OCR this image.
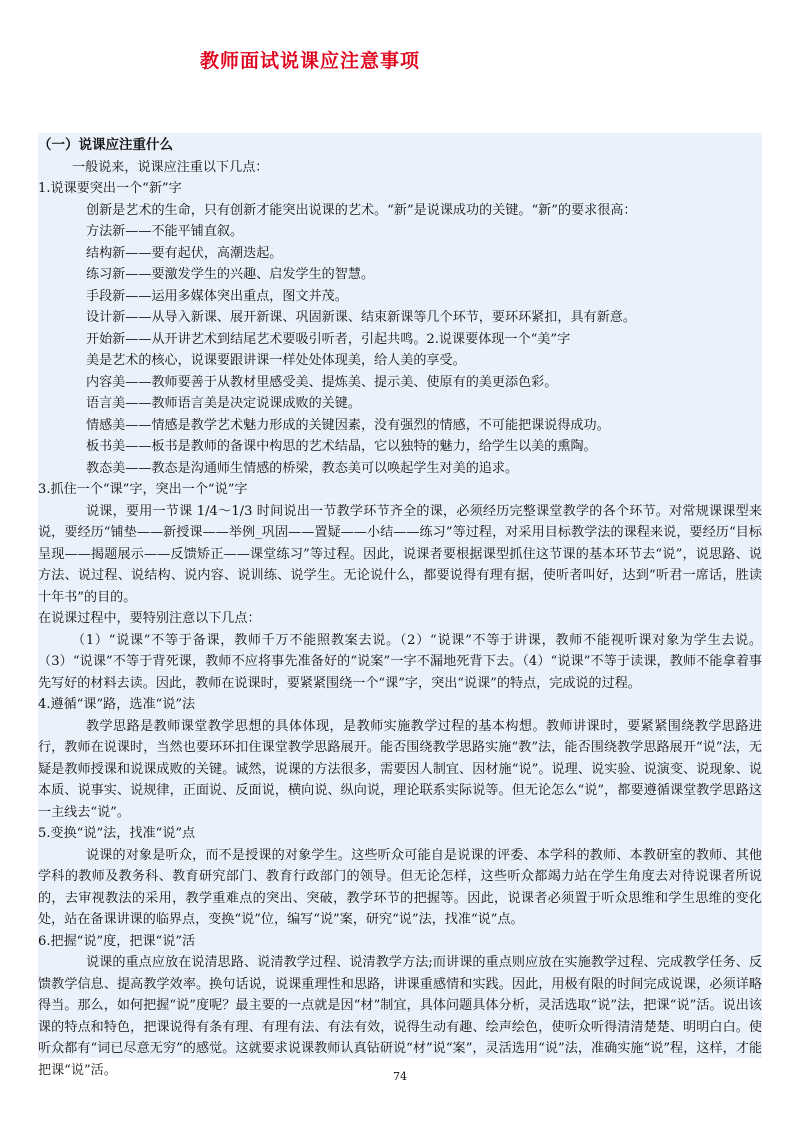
教师面试说课应注意事项

（一）说课应注重什么

一般说来，说课应注重以下几点：

1.说课要突出一个“新”字

创新是艺术的生命，只有创新才能突出说课的艺术。“新”是说课成功的关键。“新”的要求很高：

方法新——不能平铺直叙。

结构新——要有起伏，高潮迭起。

练习新——要激发学生的兴趣、启发学生的智慧。

手段新——运用多媒体突出重点，图文并茂。

设计新——从导入新课、展开新课、巩固新课、结束新课等几个环节，要环环紧扣，具有新意。

开始新——从开讲艺术到结尾艺术要吸引听者，引起共鸣。2.说课要体现一个“美”字

美是艺术的核心，说课要跟讲课一样处处体现美，给人美的享受。

内容美——教师要善于从教材里感受美、提炼美、提示美、使原有的美更添色彩。

语言美——教师语言美是决定说课成败的关键。

情感美——情感是教学艺术魅力形成的关键因素，没有强烈的情感，不可能把课说得成功。

板书美——板书是教师的备课中构思的艺术结晶，它以独特的魅力，给学生以美的熏陶。

教态美——教态是沟通师生情感的桥梁，教态美可以唤起学生对美的追求。

3.抓住一个“课”字，突出一个“说”字

说课，要用一节课 1/4～1/3 时间说出一节教学环节齐全的课，必须经历完整课堂教学的各个环节。对常规课课型来说，要经历“铺垫——新授课——举例_巩固——置疑——小结——练习”等过程，对采用目标教学法的课程来说，要经历“目标呈现——揭题展示——反馈矫正——课堂练习”等过程。因此，说课者要根据课型抓住这节课的基本环节去“说”，说思路、说方法、说过程、说结构、说内容、说训练、说学生。无论说什么，都要说得有理有据，使听者叫好，达到“听君一席话，胜读十年书”的目的。

在说课过程中，要特别注意以下几点：

（1）“说课”不等于备课，教师千万不能照教案去说。（2）“说课”不等于讲课，教师不能视听课对象为学生去说。（3）“说课”不等于背死课，教师不应将事先准备好的“说案”一字不漏地死背下去。（4）“说课”不等于读课，教师不能拿着事先写好的材料去读。因此，教师在说课时，要紧紧围绕一个“课”字，突出“说课”的特点，完成说的过程。

4.遵循“课”路，选准“说”法

教学思路是教师课堂教学思想的具体体现，是教师实施教学过程的基本构想。教师讲课时，要紧紧围绕教学思路进行，教师在说课时，当然也要环环扣住课堂教学思路展开。能否围绕教学思路实施“教”法，能否围绕教学思路展开“说”法，无疑是教师授课和说课成败的关键。诚然，说课的方法很多，需要因人制宜、因材施“说”。说理、说实验、说演变、说现象、说本质、说事实、说规律，正面说、反面说，横向说、纵向说，理论联系实际说等。但无论怎么“说”，都要遵循课堂教学思路这一主线去“说”。

5.变换“说”法，找准“说”点

说课的对象是听众，而不是授课的对象学生。这些听众可能自是说课的评委、本学科的教师、本教研室的教师、其他学科的教师及教务科、教育研究部门、教育行政部门的领导。但无论怎样，这些听众都竭力站在学生角度去对待说课者所说的，去审视教法的采用，教学重难点的突出、突破，教学环节的把握等。因此，说课者必须置于听众思维和学生思维的变化处，站在备课讲课的临界点，变换“说”位，编写“说”案，研究“说”法，找准“说”点。

6.把握“说”度，把课“说”活

说课的重点应放在说清思路、说清教学过程、说清教学方法;而讲课的重点则应放在实施教学过程、完成教学任务、反馈教学信息、提高教学效率。换句话说，说课重理性和思路，讲课重感情和实践。因此，用极有限的时间完成说课，必须详略得当。那么，如何把握“说”度呢？最主要的一点就是因“材”制宜，具体问题具体分析，灵活选取“说”法，把课“说”活。说出该课的特点和特色，把课说得有条有理、有理有法、有法有效，说得生动有趣、绘声绘色，使听众听得清清楚楚、明明白白。使听众都有“词已尽意无穷”的感觉。这就要求说课教师认真钻研说“材”说“案”，灵活选用“说”法，准确实施“说”程，这样，才能把课“说”活。	74
